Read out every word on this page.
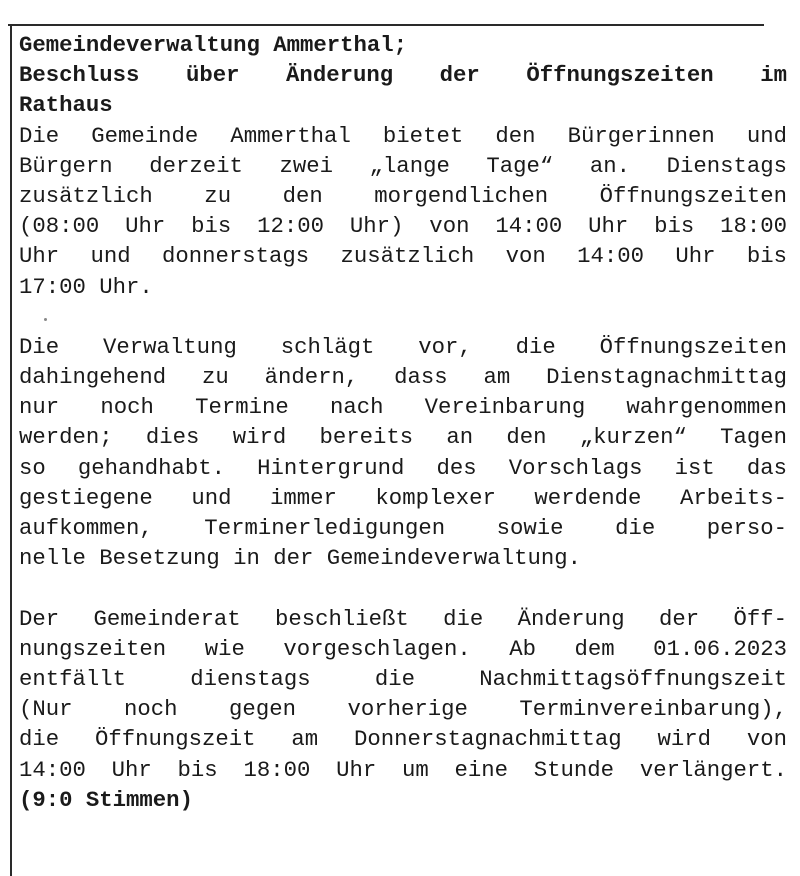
Gemeindeverwaltung Ammerthal;
Beschluss über Änderung der Öffnungszeiten im
Rathaus
Die Gemeinde Ammerthal bietet den Bürgerinnen und
Bürgern derzeit zwei „lange Tage“ an. Dienstags
zusätzlich zu den morgendlichen Öffnungszeiten
(08:00 Uhr bis 12:00 Uhr) von 14:00 Uhr bis 18:00
Uhr und donnerstags zusätzlich von 14:00 Uhr bis
17:00 Uhr.
Die Verwaltung schlägt vor, die Öffnungszeiten
dahingehend zu ändern, dass am Dienstagnachmittag
nur noch Termine nach Vereinbarung wahrgenommen
werden; dies wird bereits an den „kurzen“ Tagen
so gehandhabt. Hintergrund des Vorschlags ist das
gestiegene und immer komplexer werdende Arbeits-
aufkommen, Terminerledigungen sowie die perso-
nelle Besetzung in der Gemeindeverwaltung.
Der Gemeinderat beschließt die Änderung der Öff-
nungszeiten wie vorgeschlagen. Ab dem 01.06.2023
entfällt dienstags die Nachmittagsöffnungszeit
(Nur noch gegen vorherige Terminvereinbarung),
die Öffnungszeit am Donnerstagnachmittag wird von
14:00 Uhr bis 18:00 Uhr um eine Stunde verlängert.
(9:0 Stimmen)
